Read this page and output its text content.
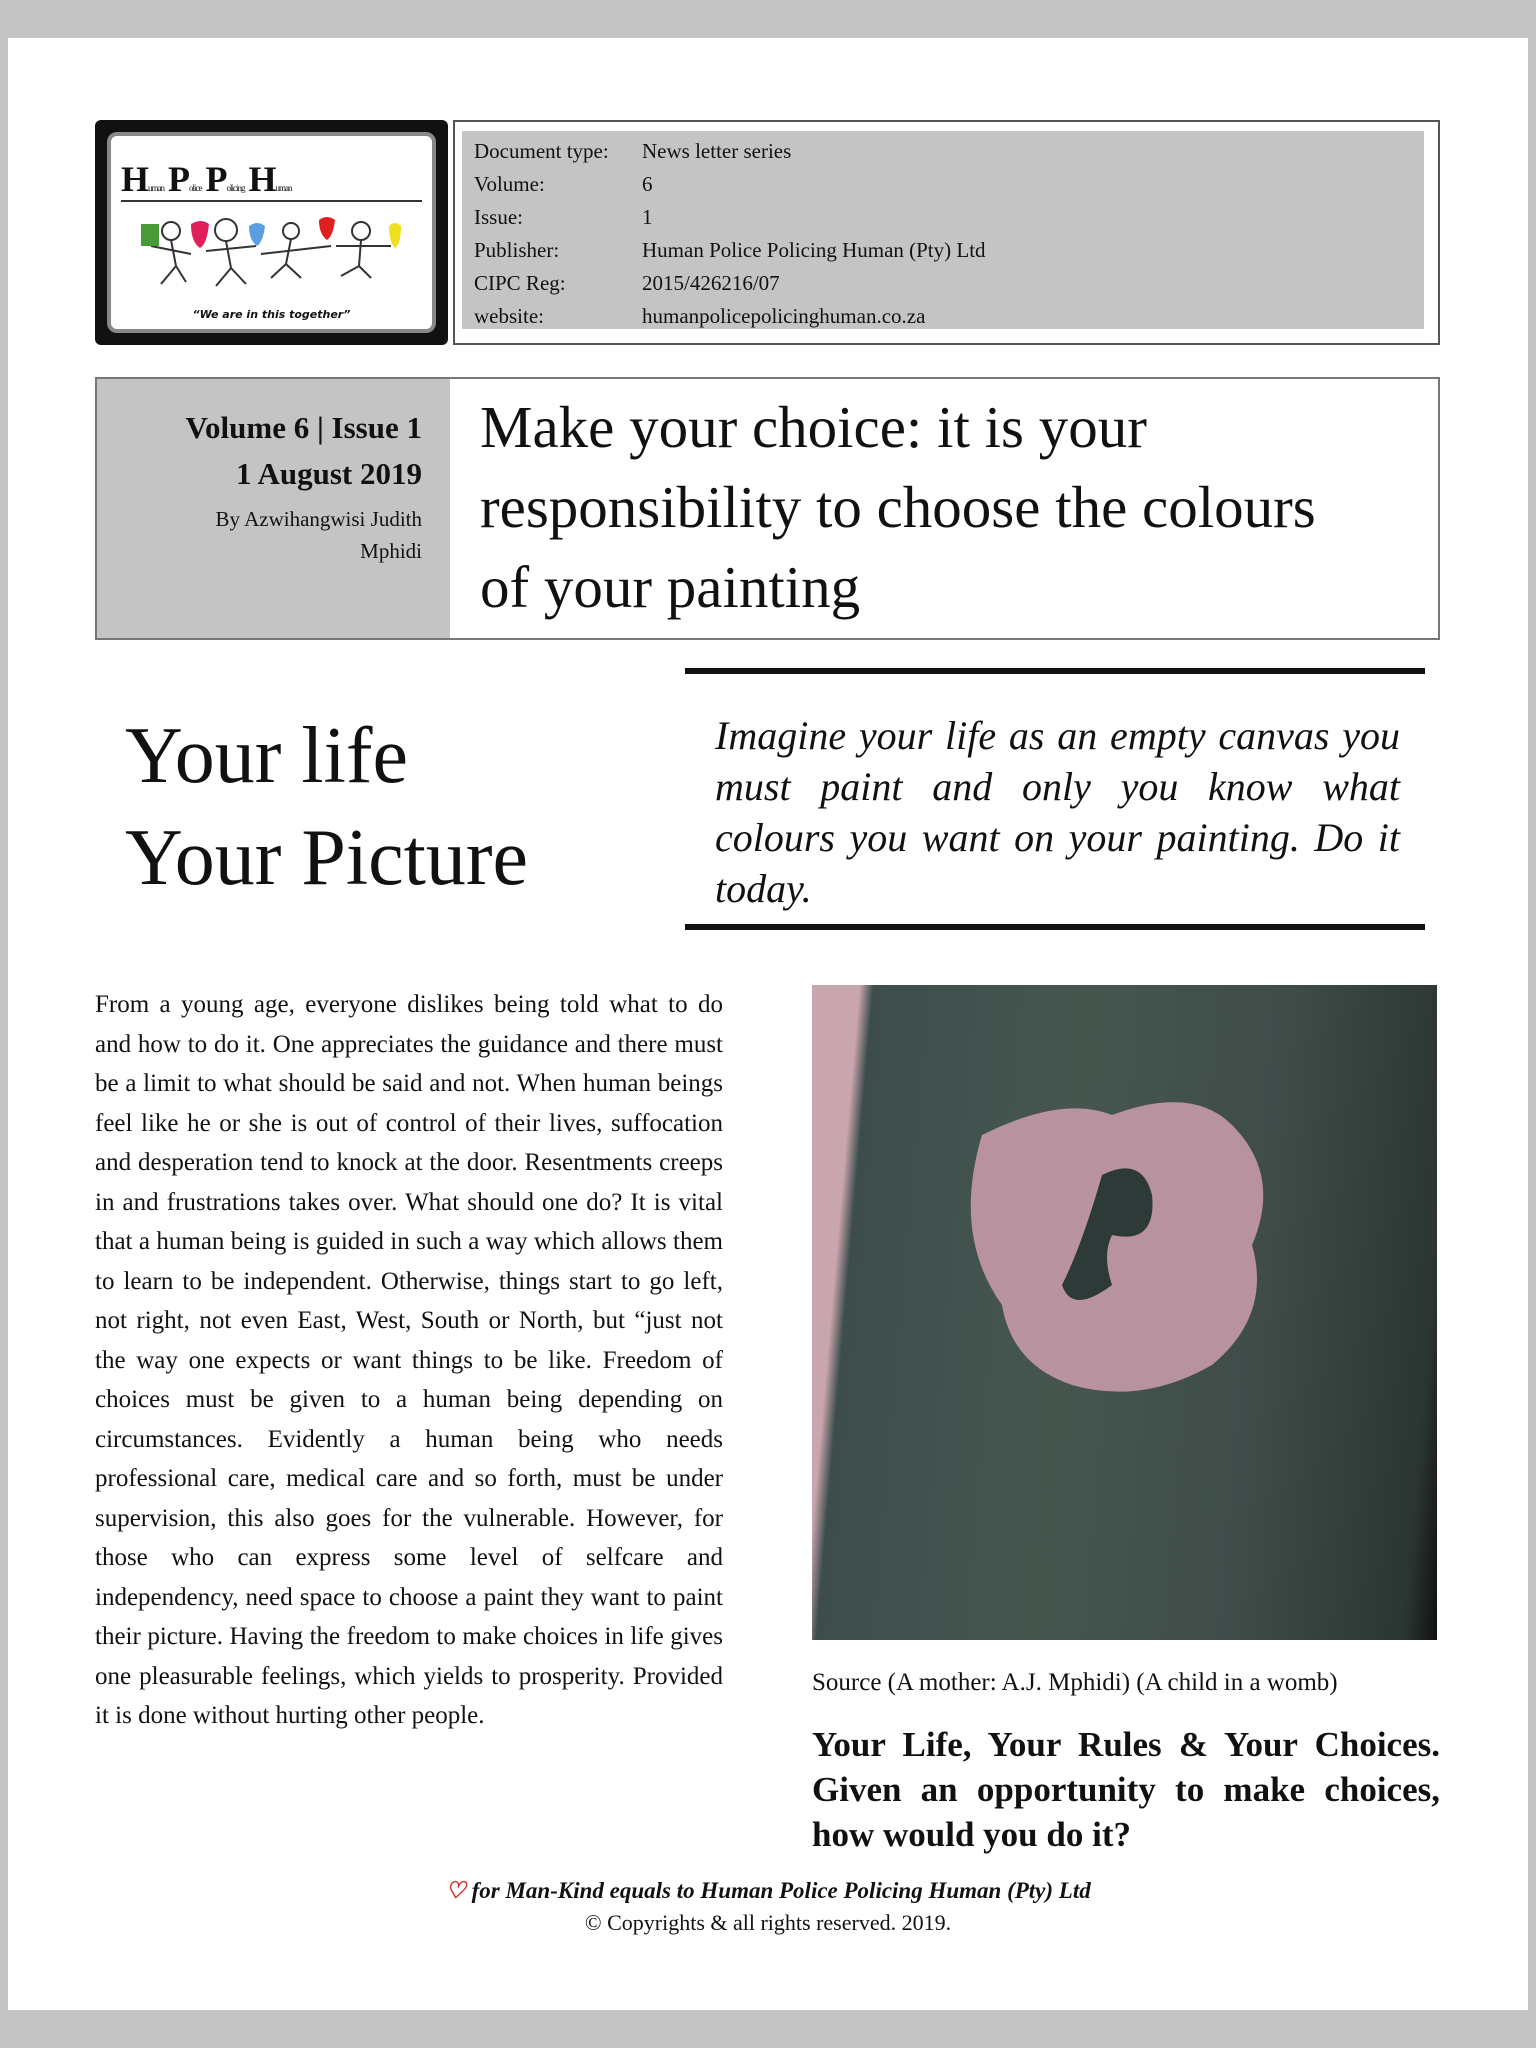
Human Police Policing Human
“We are in this together”
Document type:	News letter series
Volume:	6
Issue:	1
Publisher:	Human Police Policing Human (Pty) Ltd
CIPC Reg:	2015/426216/07
website:	humanpolicepolicinghuman.co.za
Volume 6 | Issue 1
1 August 2019
By Azwihangwisi Judith Mphidi
Make your choice: it is your responsibility to choose the colours of your painting
Your life
Your Picture
Imagine your life as an empty canvas you must paint and only you know what colours you want on your painting. Do it today.
From a young age, everyone dislikes being told what to do and how to do it. One appreciates the guidance and there must be a limit to what should be said and not. When human beings feel like he or she is out of control of their lives, suffocation and desperation tend to knock at the door. Resentments creeps in and frustrations takes over. What should one do? It is vital that a human being is guided in such a way which allows them to learn to be independent. Otherwise, things start to go left, not right, not even East, West, South or North, but “just not the way one expects or want things to be like. Freedom of choices must be given to a human being depending on circumstances. Evidently a human being who needs professional care, medical care and so forth, must be under supervision, this also goes for the vulnerable. However, for those who can express some level of selfcare and independency, need space to choose a paint they want to paint their picture. Having the freedom to make choices in life gives one pleasurable feelings, which yields to prosperity. Provided it is done without hurting other people.
Source (A mother: A.J. Mphidi) (A child in a womb)
Your Life, Your Rules & Your Choices. Given an opportunity to make choices, how would you do it?
♡ for Man-Kind equals to Human Police Policing Human (Pty) Ltd
© Copyrights & all rights reserved. 2019.
